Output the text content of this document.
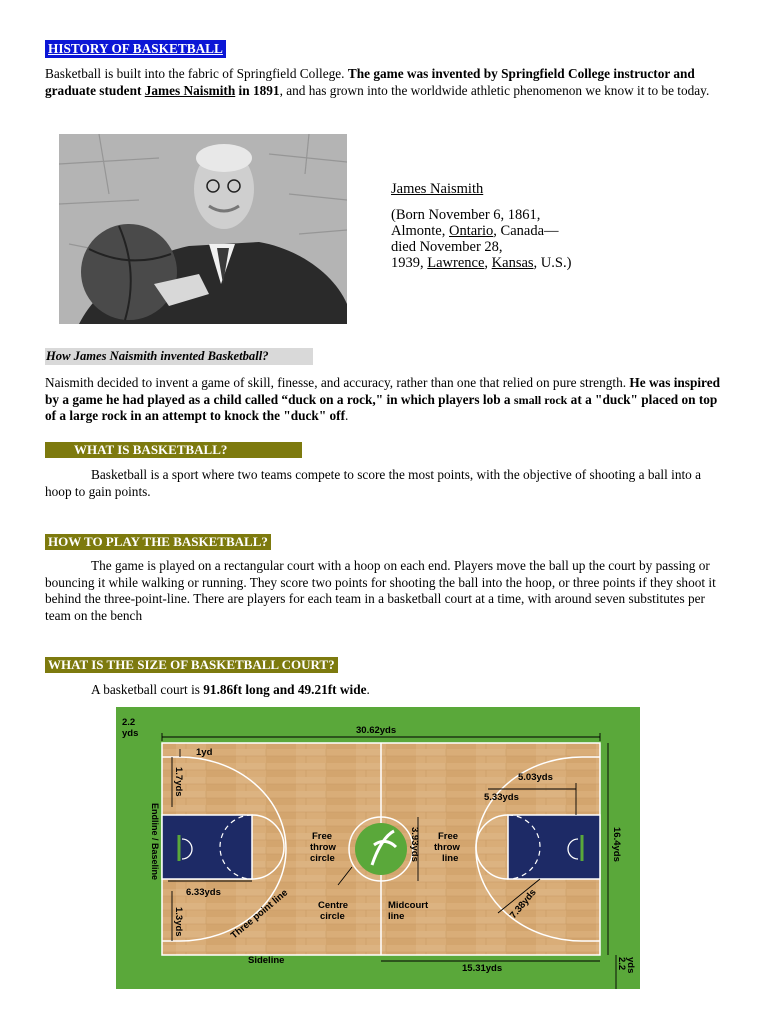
HISTORY OF BASKETBALL
Basketball is built into the fabric of Springfield College. The game was invented by Springfield College instructor and graduate student James Naismith in 1891, and has grown into the worldwide athletic phenomenon we know it to be today.
James Naismith
(Born November 6, 1861,
Almonte, Ontario, Canada—
died November 28,
1939, Lawrence, Kansas, U.S.)
How James Naismith invented Basketball?
Naismith decided to invent a game of skill, finesse, and accuracy, rather than one that relied on pure strength. He was inspired by a game he had played as a child called “duck on a rock," in which players lob a small rock at a "duck" placed on top of a large rock in an attempt to knock the "duck" off.
WHAT IS BASKETBALL?
Basketball is a sport where two teams compete to score the most points, with the objective of shooting a ball into a hoop to gain points.
HOW TO PLAY THE BASKETBALL?
The game is played on a rectangular court with a hoop on each end. Players move the ball up the court by passing or bouncing it while walking or running. They score two points for shooting the ball into the hoop, or three points if they shoot it behind the three-point-line. There are players for each team in a basketball court at a time, with around seven substitutes per team on the bench
WHAT IS THE SIZE OF BASKETBALL COURT?
A basketball court is 91.86ft long and 49.21ft wide.
30.62yds
2.2
yds
1yd
1.7yds
Endline / Baseline
6.33yds
1.3yds	Three point line
Free
throw
circle	3.93yds Free
throw
line
5.03yds
5.33yds
16.4yds
7.38yds
Centre
circle
Midcourt
line
Sideline
15.31yds	2.2
yds
